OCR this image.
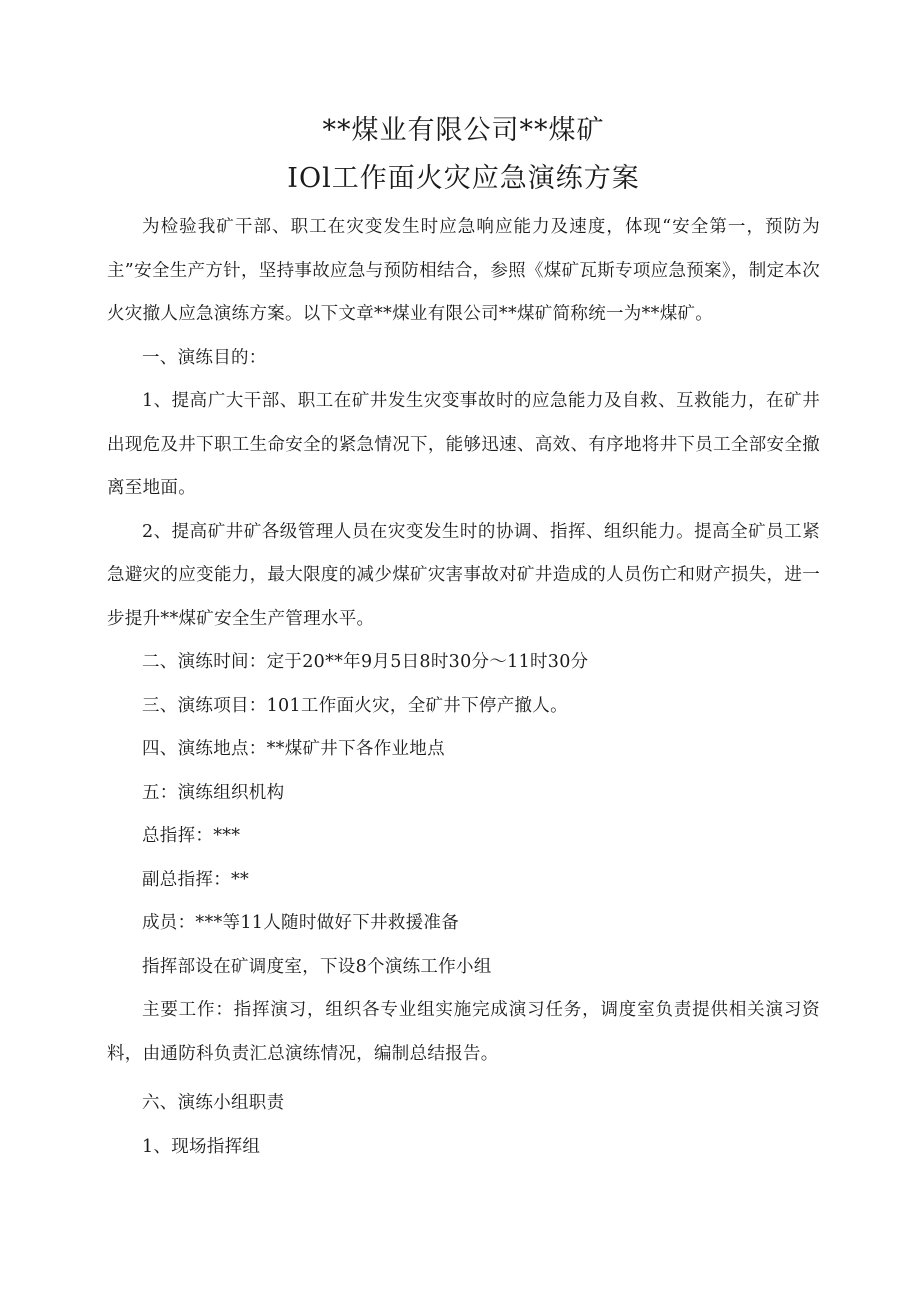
**煤业有限公司**煤矿
IOl工作面火灾应急演练方案

为检验我矿干部、职工在灾变发生时应急响应能力及速度，体现“安全第一，预防为主”安全生产方针，坚持事故应急与预防相结合，参照《煤矿瓦斯专项应急预案》，制定本次火灾撤人应急演练方案。以下文章**煤业有限公司**煤矿简称统一为**煤矿。

一、演练目的：

1、提高广大干部、职工在矿井发生灾变事故时的应急能力及自救、互救能力，在矿井出现危及井下职工生命安全的紧急情况下，能够迅速、高效、有序地将井下员工全部安全撤离至地面。

2、提高矿井矿各级管理人员在灾变发生时的协调、指挥、组织能力。提高全矿员工紧急避灾的应变能力，最大限度的减少煤矿灾害事故对矿井造成的人员伤亡和财产损失，进一步提升**煤矿安全生产管理水平。

二、演练时间：定于20**年9月5日8时30分～11时30分

三、演练项目：101工作面火灾，全矿井下停产撤人。

四、演练地点：**煤矿井下各作业地点

五：演练组织机构

总指挥：***

副总指挥：**

成员：***等11人随时做好下井救援准备

指挥部设在矿调度室，下设8个演练工作小组

主要工作：指挥演习，组织各专业组实施完成演习任务，调度室负责提供相关演习资料，由通防科负责汇总演练情况，编制总结报告。

六、演练小组职责

1、现场指挥组
